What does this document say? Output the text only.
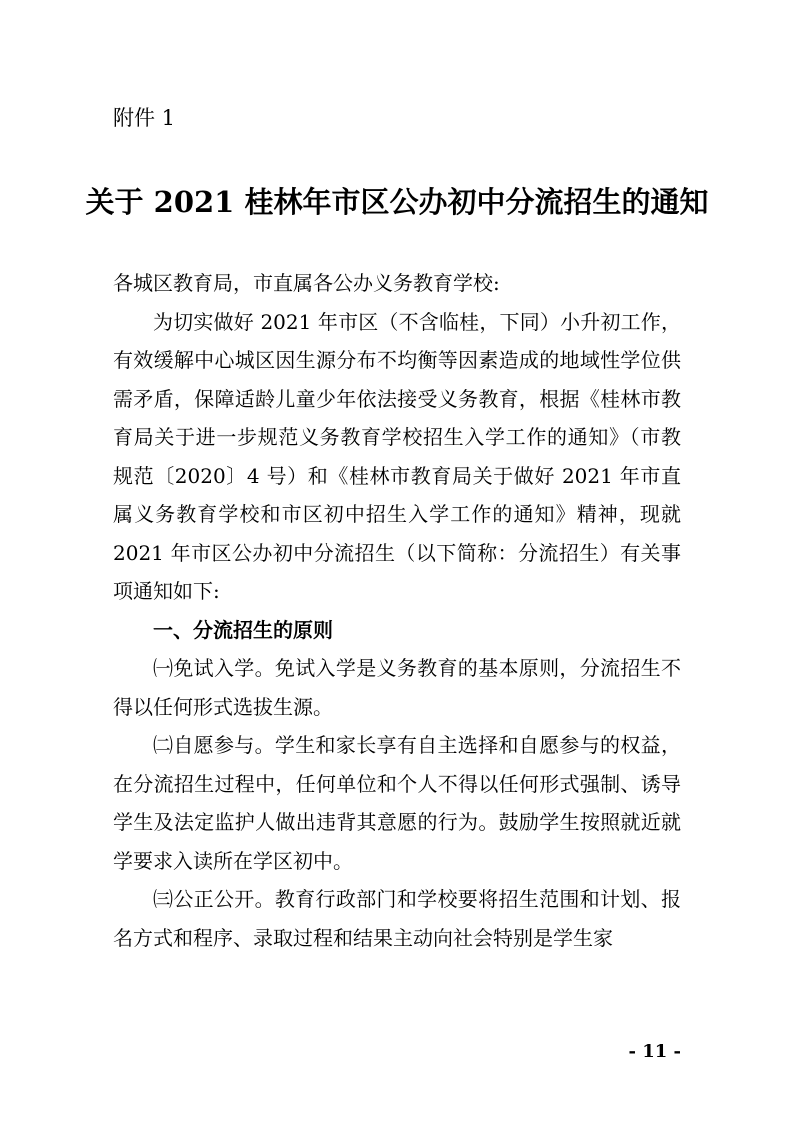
附件 1
关于 2021 桂林年市区公办初中分流招生的通知

各城区教育局，市直属各公办义务教育学校:

为切实做好 2021 年市区（不含临桂，下同）小升初工作，有效缓解中心城区因生源分布不均衡等因素造成的地域性学位供需矛盾，保障适龄儿童少年依法接受义务教育，根据《桂林市教育局关于进一步规范义务教育学校招生入学工作的通知》（市教规范〔2020〕4 号）和《桂林市教育局关于做好 2021 年市直属义务教育学校和市区初中招生入学工作的通知》精神，现就 2021 年市区公办初中分流招生（以下简称：分流招生）有关事项通知如下:

一、分流招生的原则

㈠免试入学。免试入学是义务教育的基本原则，分流招生不得以任何形式选拔生源。

㈡自愿参与。学生和家长享有自主选择和自愿参与的权益，在分流招生过程中，任何单位和个人不得以任何形式强制、诱导学生及法定监护人做出违背其意愿的行为。鼓励学生按照就近就学要求入读所在学区初中。

㈢公正公开。教育行政部门和学校要将招生范围和计划、报名方式和程序、录取过程和结果主动向社会特别是学生家

- 11 -
